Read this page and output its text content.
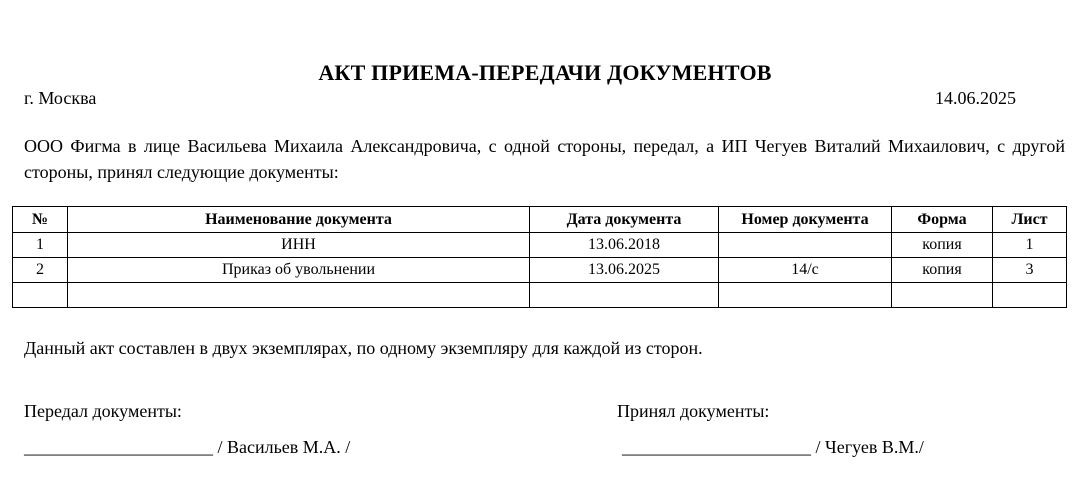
АКТ ПРИЕМА-ПЕРЕДАЧИ ДОКУМЕНТОВ
г. Москва	14.06.2025
ООО Фигма в лице Васильева Михаила Александровича, с одной стороны, передал, а ИП Чегуев Виталий Михаилович, с другой стороны, принял следующие документы:
№	Наименование документа	Дата документа	Номер документа	Форма	Лист
1	ИНН	13.06.2018		копия	1
2	Приказ об увольнении	13.06.2025	14/с	копия	3

Данный акт составлен в двух экземплярах, по одному экземпляру для каждой из сторон.
Передал документы:	Принял документы:
_____________________ / Васильев М.А. /	_____________________ / Чегуев В.М./
